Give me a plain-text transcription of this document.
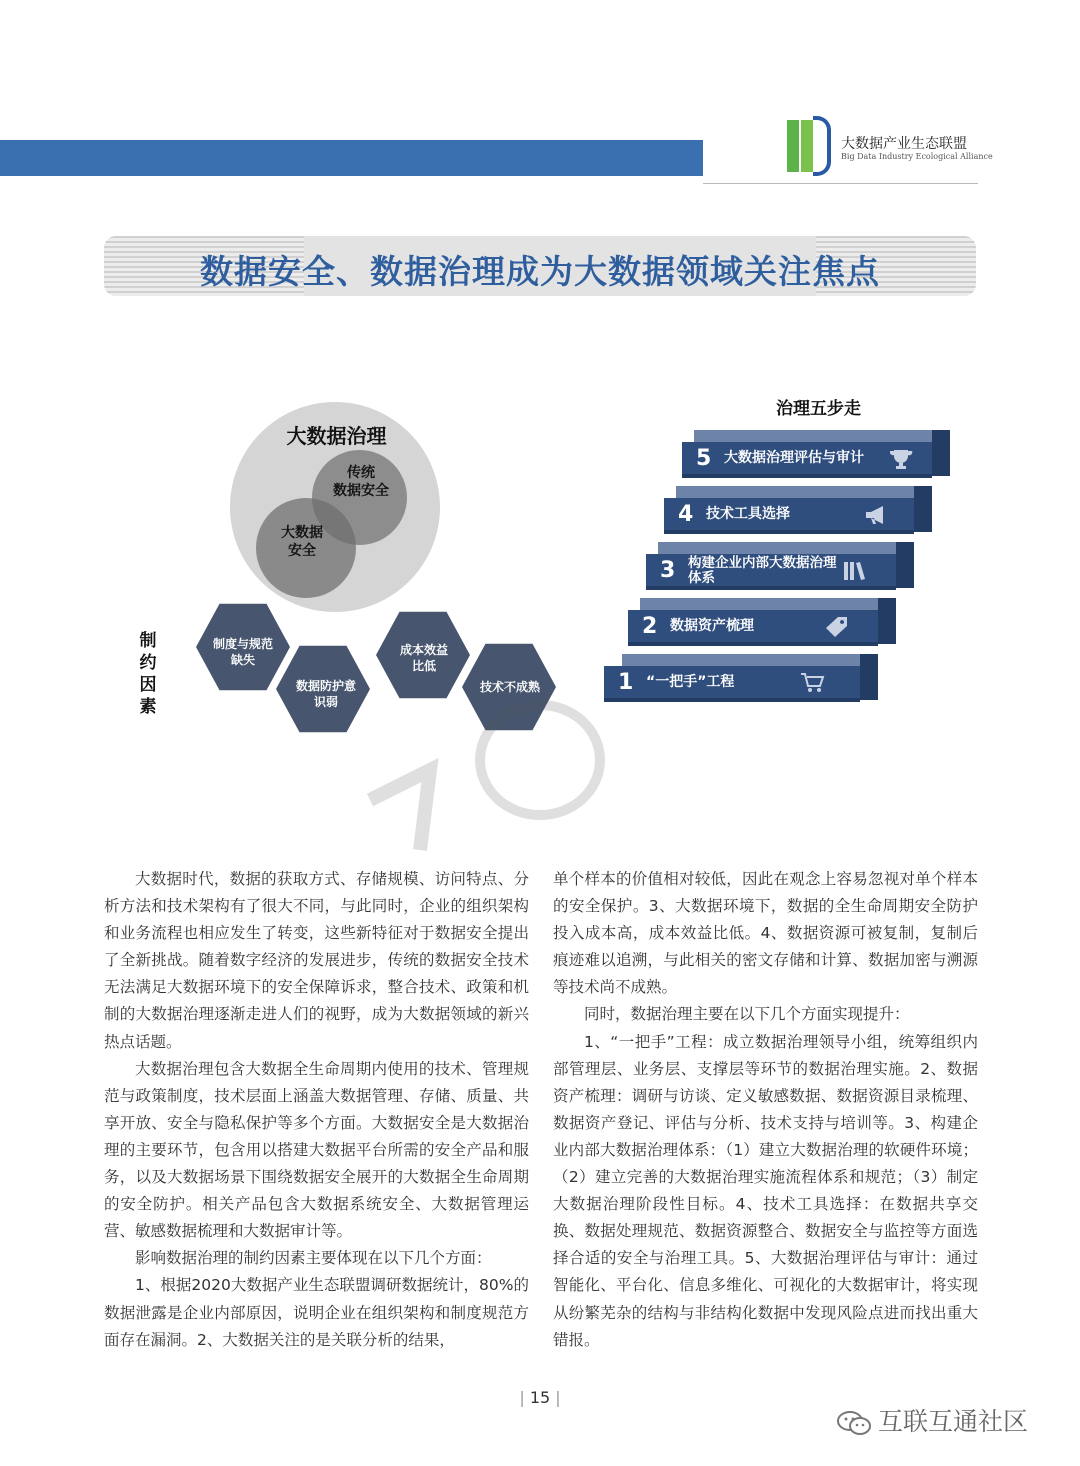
大数据产业生态联盟
Big Data Industry Ecological Alliance
数据安全、数据治理成为大数据领域关注焦点
大数据治理
传统
数据安全
大数据
安全
制约因素
制度与规范缺失
数据防护意识弱
成本效益比低
技术不成熟
治理五步走
5 大数据治理评估与审计
4 技术工具选择
3 构建企业内部大数据治理体系
2 数据资产梳理
1 “一把手”工程

大数据时代，数据的获取方式、存储规模、访问特点、分析方法和技术架构有了很大不同，与此同时，企业的组织架构和业务流程也相应发生了转变，这些新特征对于数据安全提出了全新挑战。随着数字经济的发展进步，传统的数据安全技术无法满足大数据环境下的安全保障诉求，整合技术、政策和机制的大数据治理逐渐走进人们的视野，成为大数据领域的新兴热点话题。

大数据治理包含大数据全生命周期内使用的技术、管理规范与政策制度，技术层面上涵盖大数据管理、存储、质量、共享开放、安全与隐私保护等多个方面。大数据安全是大数据治理的主要环节，包含用以搭建大数据平台所需的安全产品和服务，以及大数据场景下围绕数据安全展开的大数据全生命周期的安全防护。相关产品包含大数据系统安全、大数据管理运营、敏感数据梳理和大数据审计等。

影响数据治理的制约因素主要体现在以下几个方面：

1、根据2020大数据产业生态联盟调研数据统计，80%的数据泄露是企业内部原因，说明企业在组织架构和制度规范方面存在漏洞。2、大数据关注的是关联分析的结果，

单个样本的价值相对较低，因此在观念上容易忽视对单个样本的安全保护。3、大数据环境下，数据的全生命周期安全防护投入成本高，成本效益比低。4、数据资源可被复制，复制后痕迹难以追溯，与此相关的密文存储和计算、数据加密与溯源等技术尚不成熟。

同时，数据治理主要在以下几个方面实现提升：

1、“一把手”工程：成立数据治理领导小组，统筹组织内部管理层、业务层、支撑层等环节的数据治理实施。2、数据资产梳理：调研与访谈、定义敏感数据、数据资源目录梳理、数据资产登记、评估与分析、技术支持与培训等。3、构建企业内部大数据治理体系：（1）建立大数据治理的软硬件环境；（2）建立完善的大数据治理实施流程体系和规范；（3）制定大数据治理阶段性目标。4、技术工具选择：在数据共享交换、数据处理规范、数据资源整合、数据安全与监控等方面选择合适的安全与治理工具。5、大数据治理评估与审计：通过智能化、平台化、信息多维化、可视化的大数据审计，将实现从纷繁芜杂的结构与非结构化数据中发现风险点进而找出重大错报。

| 15 |
互联互通社区
